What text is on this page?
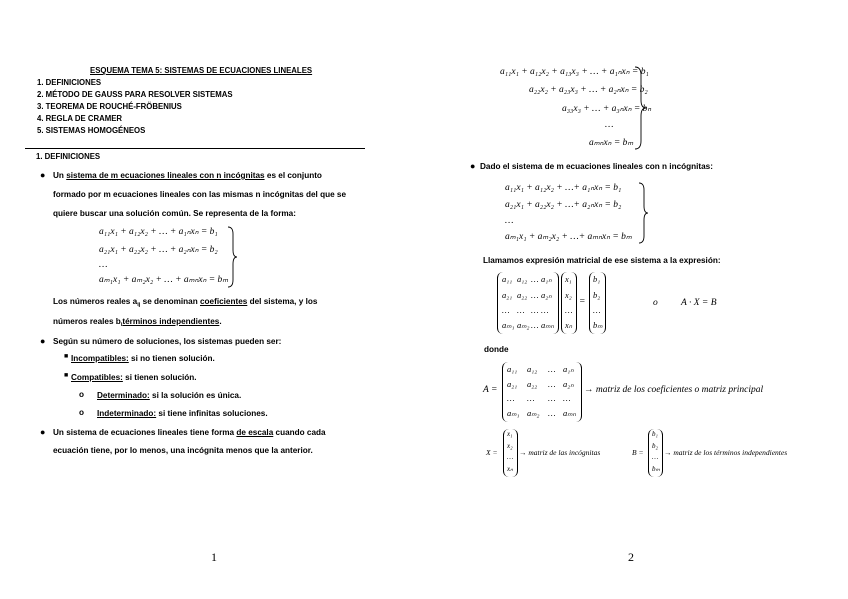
ESQUEMA TEMA 5: SISTEMAS DE ECUACIONES LINEALES
1. DEFINICIONES
2. MÉTODO DE GAUSS PARA RESOLVER SISTEMAS
3. TEOREMA DE ROUCHÉ-FRÖBENIUS
4. REGLA DE CRAMER
5. SISTEMAS HOMOGÉNEOS
1. DEFINICIONES
● Un sistema de m ecuaciones lineales con n incógnitas es el conjunto
formado por m ecuaciones lineales con las mismas n incógnitas del que se
quiere buscar una solución común. Se representa de la forma:
a₁₁x₁ + a₁₂x₂ + … + a₁ₙxₙ = b₁
a₂₁x₁ + a₂₂x₂ + … + a₂ₙxₙ = b₂
…
aₘ₁x₁ + aₘ₂x₂ + … + aₘₙxₙ = bₘ
Los números reales $a_{ij}$ se denominan coeficientes del sistema, y los
números reales $b_itérminos$ independientes.
● Según su número de soluciones, los sistemas pueden ser:
■ Incompatibles: si no tienen solución.
■ Compatibles: si tienen solución.
o Determinado: si la solución es única.
o Indeterminado: si tiene infinitas soluciones.
● Un sistema de ecuaciones lineales tiene forma de escala cuando cada
ecuación tiene, por lo menos, una incógnita menos que la anterior.
1
a₁₁x₁ + a₁₂x₂ + a₁₃x₃ + … + a₁ₙxₙ = b₁
a₂₂x₂ + a₂₃x₃ + … + a₂ₙxₙ = b₂
a₃₃x₃ + … + a₃ₙxₙ = bₙ
…
aₘₙxₙ = bₘ
● Dado el sistema de m ecuaciones lineales con n incógnitas:
a₁₁x₁ + a₁₂x₂ + …+ a₁ₙxₙ = b₁
a₂₁x₁ + a₂₂x₂ + …+ a₂ₙxₙ = b₂
…
aₘ₁x₁ + aₘ₂x₂ + …+ aₘₙxₙ = bₘ
Llamamos expresión matricial de ese sistema a la expresión:
a₁₁ a₁₂ … a₁ₙ
a₂₁ a₂₂ … a₂ₙ
… … … …
aₘ₁ aₘ₂ … aₘₙ
x₁
x₂
…
xₙ
=
b₁
b₂
…
bₘ
o A · X = B
donde
A =
a₁₁ a₁₂ … a₁ₙ
a₂₁ a₂₂ … a₂ₙ
… … … …
aₘ₁ aₘ₂ … aₘₙ
→ matriz de los coeficientes o matriz principal
X =
x₁
x₂
…
xₙ
→ matriz de las incógnitas	B =
b₁
b₂
…
bₘ
→ matriz de los términos independientes
2
